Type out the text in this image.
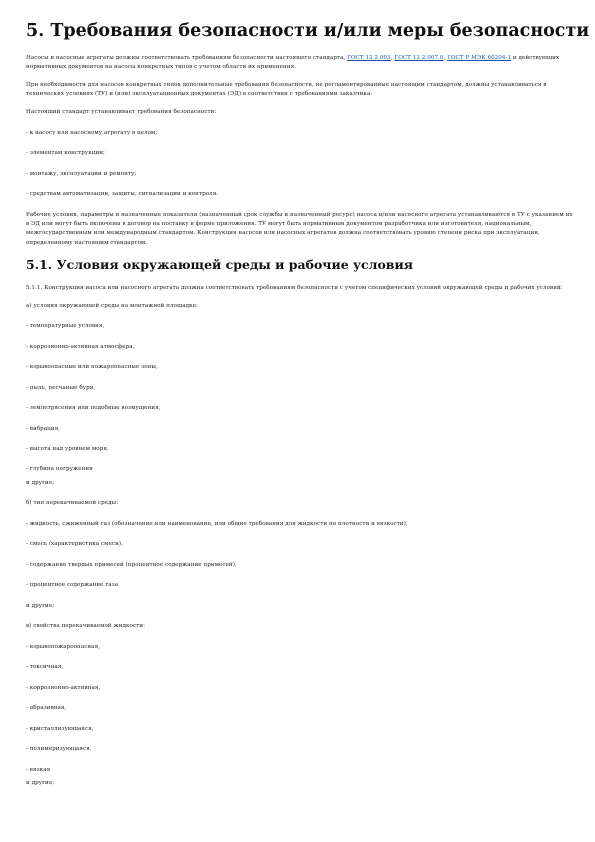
5. Требования безопасности и/или меры безопасности

Насосы и насосные агрегаты должны соответствовать требованиям безопасности настоящего стандарта, ГОСТ 12.2.003, ГОСТ 12.2.007.0, ГОСТ Р МЭК 60204-1 и действующих нормативных документов на насосы конкретных типов с учетом области их применения.

При необходимости для насосов конкретных типов дополнительные требования безопасности, не регламентированные настоящим стандартом, должны устанавливаться в технических условиях (ТУ) и (или) эксплуатационных документах (ЭД) в соответствии с требованиями заказчика.

Настоящий стандарт устанавливает требования безопасности:

- к насосу или насосному агрегату в целом;

- элементам конструкции;

- монтажу, эксплуатации и ремонту;

- средствам автоматизации, защиты, сигнализации и контроля.

Рабочие условия, параметры и назначенные показатели (назначенный срок службы и назначенный ресурс) насоса и/или насосного агрегата устанавливаются в ТУ с указанием их в ЭД или могут быть включены в договор на поставку в форме приложения. ТУ могут быть нормативным документом разработчика или изготовителя, национальным, межгосударственным или международным стандартом. Конструкция насосов или насосных агрегатов должна соответствовать уровню степени риска при эксплуатации, определенному настоящим стандартом.

5.1. Условия окружающей среды и рабочие условия

5.1.1. Конструкция насоса или насосного агрегата должна соответствовать требованиям безопасности с учетом специфических условий окружающей среды и рабочих условий:

а) условия окружающей среды на монтажной площадке:

- температурные условия,

- коррозионно-активная атмосфера,

- взрывоопасные или пожароопасные зоны,

- пыль, песчаные бури,

- землетрясения или подобные возмущения,

- вибрация,

- высота над уровнем моря,

- глубина погружения

и другие;

б) тип перекачиваемой среды:

- жидкость, сжиженный газ (обозначение или наименование, или общие требования для жидкости по плотности и вязкости),

- смесь (характеристика смеси),

- содержание твердых примесей (процентное содержание примесей),

- процентное содержание газа

и другие;

в) свойства перекачиваемой жидкости:

- взрывопожароопасная,

- токсичная,

- коррозионно-активная,

- абразивная,

- кристаллизующаяся,

- полимеризующаяся,

- вязкая

и другие;
